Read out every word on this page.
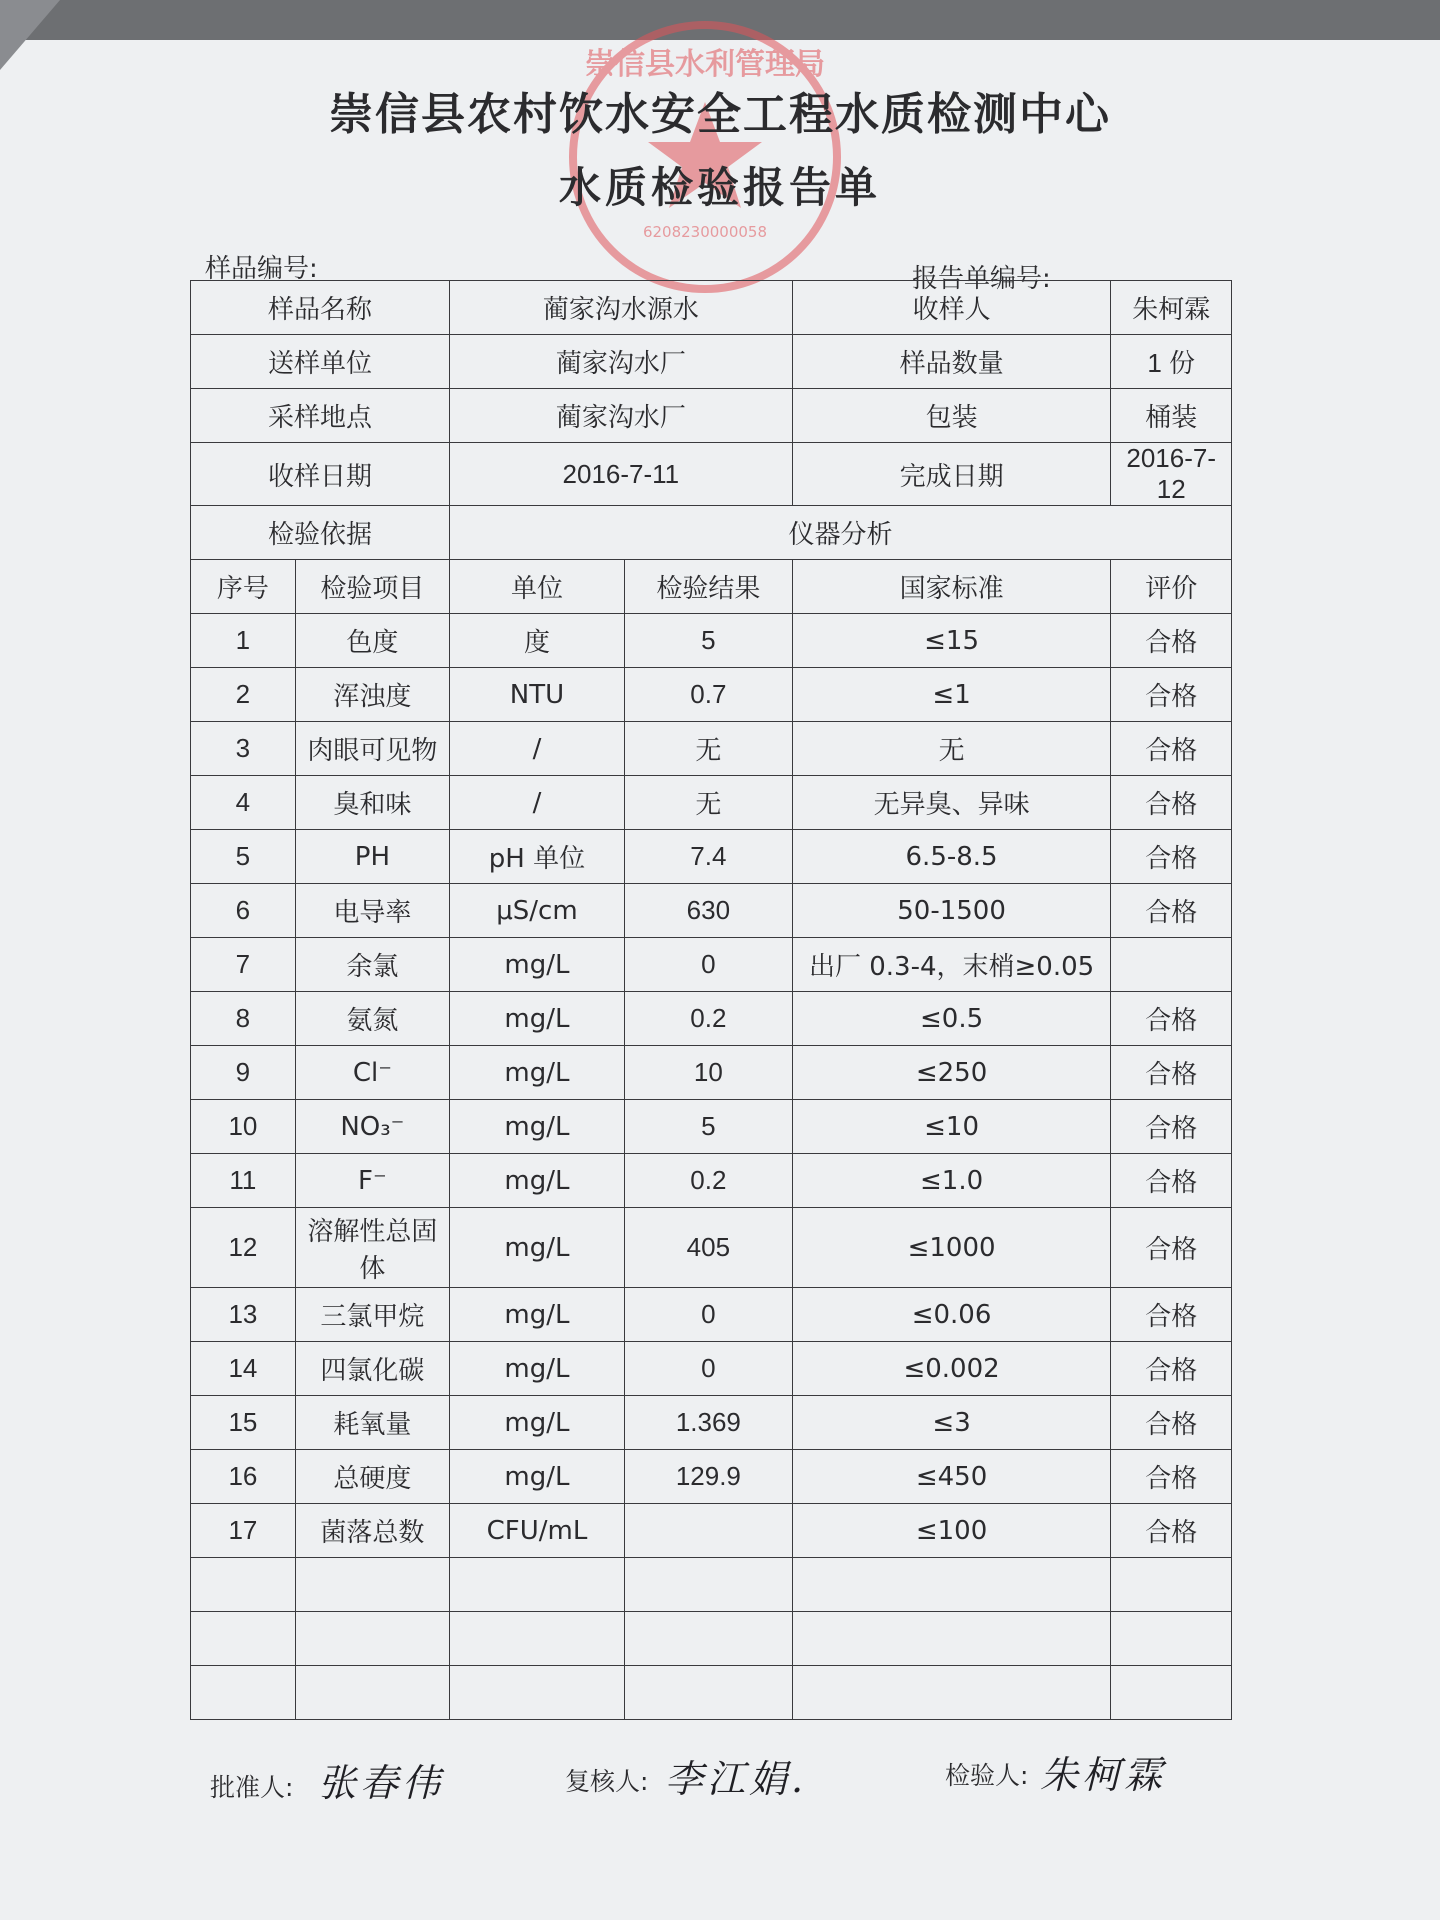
6208230000058
崇信县水利管理局
崇信县农村饮水安全工程水质检测中心
水质检验报告单
样品编号:	报告单编号:
样品名称		蔺家沟水源水		收样人	朱柯霖
送样单位		蔺家沟水厂		样品数量	1 份
采样地点		蔺家沟水厂		包装	桶装
收样日期		2016-7-11		完成日期	2016-7-12
检验依据		仪器分析			
序号	检验项目	单位	检验结果	国家标准	评价
1	色度	度	5	≤15	合格
2	浑浊度	NTU	0.7	≤1	合格
3	肉眼可见物	/	无	无	合格
4	臭和味	/	无	无异臭、异味	合格
5	PH	pH 单位	7.4	6.5-8.5	合格
6	电导率	μS/cm	630	50-1500	合格
7	余氯	mg/L	0	出厂 0.3-4，末梢≥0.05	
8	氨氮	mg/L	0.2	≤0.5	合格
9	Cl⁻	mg/L	10	≤250	合格
10	NO₃⁻	mg/L	5	≤10	合格
11	F⁻	mg/L	0.2	≤1.0	合格
12	溶解性总固体	mg/L	405	≤1000	合格
13	三氯甲烷	mg/L	0	≤0.06	合格
14	四氯化碳	mg/L	0	≤0.002	合格
15	耗氧量	mg/L	1.369	≤3	合格
16	总硬度	mg/L	129.9	≤450	合格
17	菌落总数	CFU/mL		≤100	合格

批准人: 张春伟	复核人: 李江娟.	检验人: 朱柯霖
